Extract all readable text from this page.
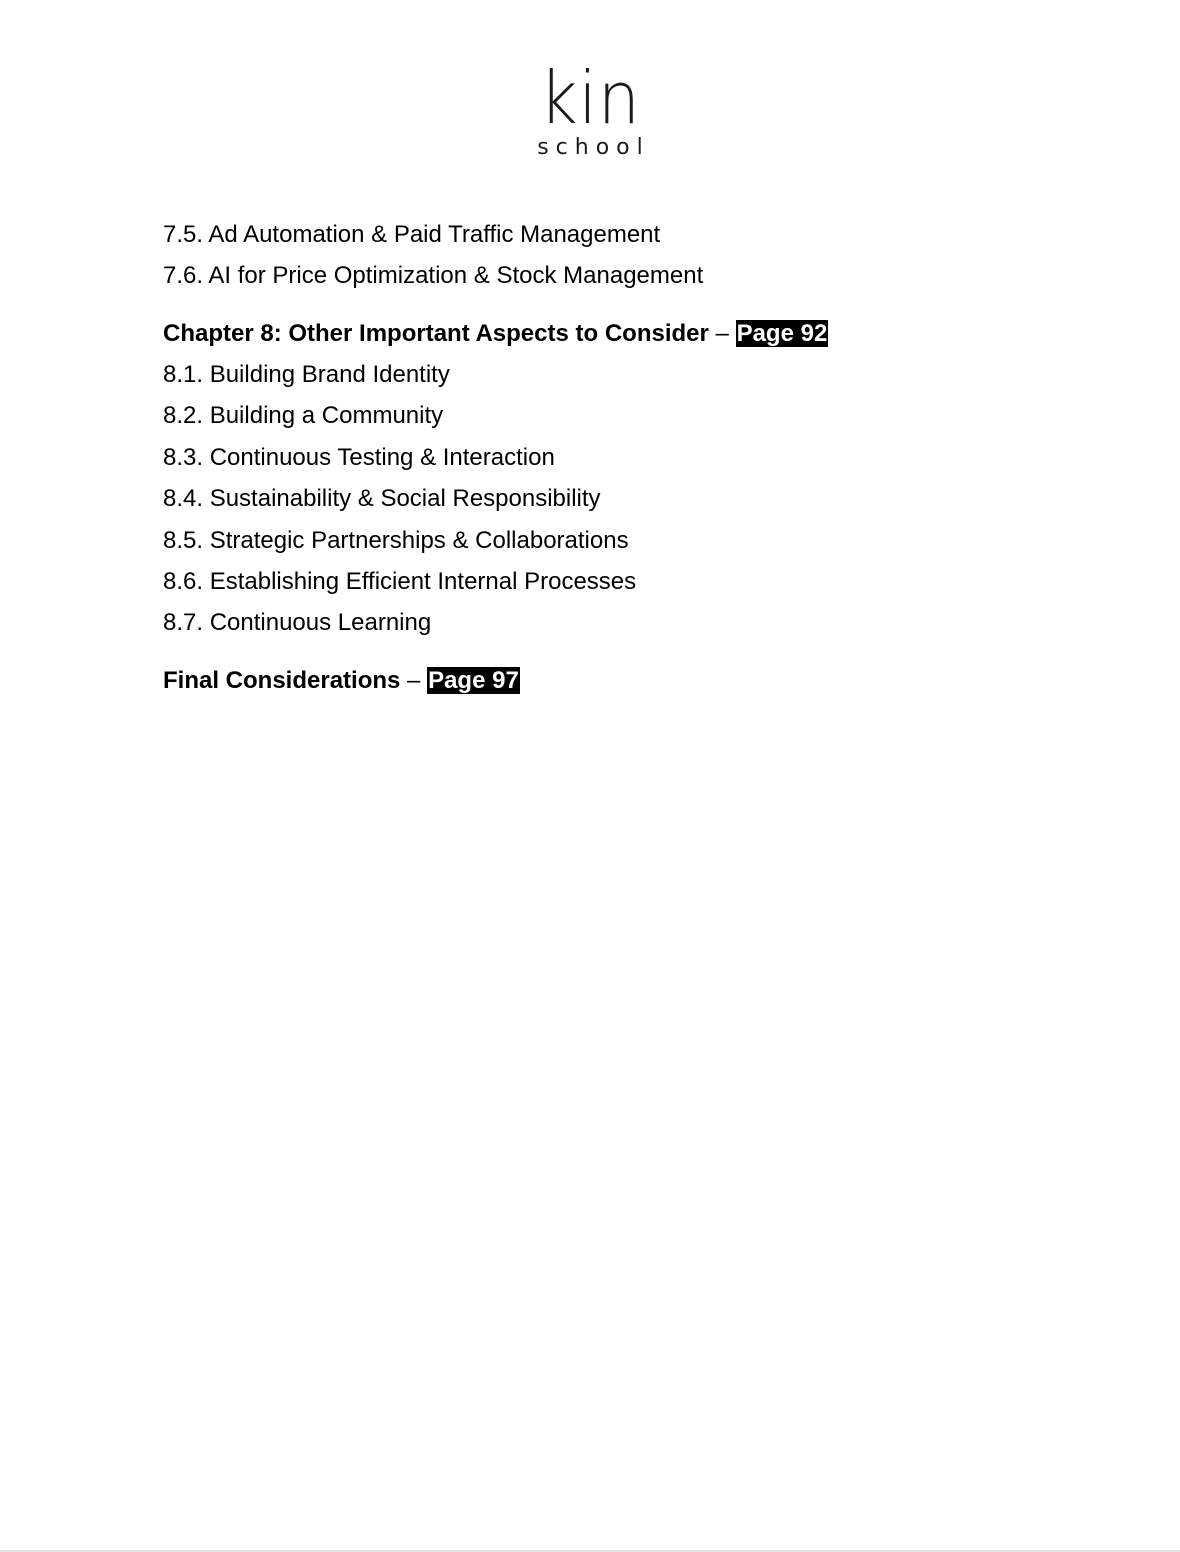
kin
school
7.5. Ad Automation & Paid Traffic Management
7.6. AI for Price Optimization & Stock Management
Chapter 8: Other Important Aspects to Consider – Page 92
8.1. Building Brand Identity
8.2. Building a Community
8.3. Continuous Testing & Interaction
8.4. Sustainability & Social Responsibility
8.5. Strategic Partnerships & Collaborations
8.6. Establishing Efficient Internal Processes
8.7. Continuous Learning
Final Considerations – Page 97
